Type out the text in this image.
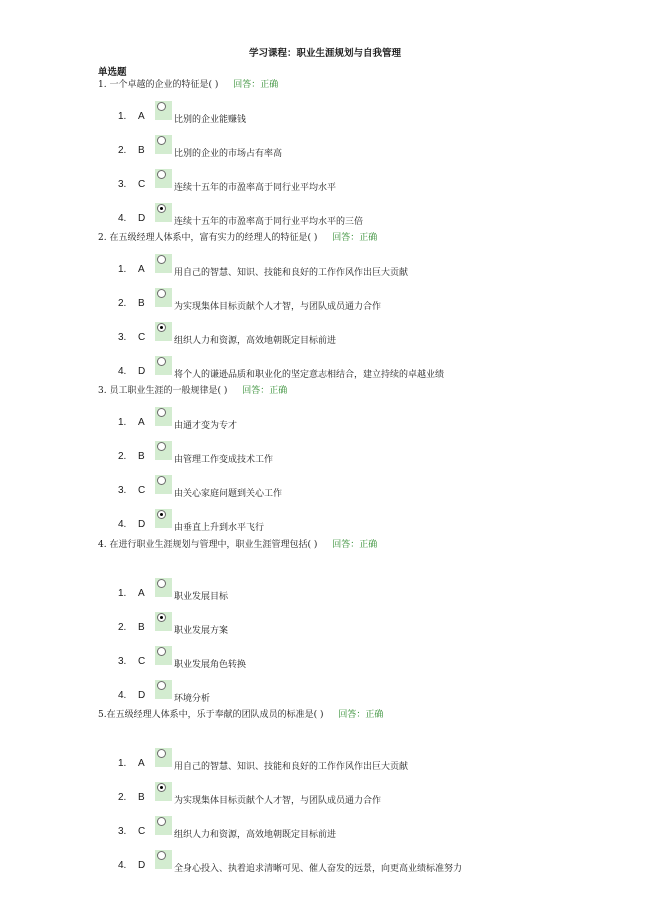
学习课程：职业生涯规划与自我管理
单选题
1. 一个卓越的企业的特征是( ) 回答：正确
1. A	比别的企业能赚钱
2. B	比别的企业的市场占有率高
3. C	连续十五年的市盈率高于同行业平均水平
4. D	连续十五年的市盈率高于同行业平均水平的三倍
2. 在五级经理人体系中，富有实力的经理人的特征是( ) 回答：正确
1. A	用自己的智慧、知识、技能和良好的工作作风作出巨大贡献
2. B	为实现集体目标贡献个人才智，与团队成员通力合作
3. C	组织人力和资源，高效地朝既定目标前进
4. D	将个人的谦逊品质和职业化的坚定意志相结合，建立持续的卓越业绩
3. 员工职业生涯的一般规律是( ) 回答：正确
1. A	由通才变为专才
2. B	由管理工作变成技术工作
3. C	由关心家庭问题到关心工作
4. D	由垂直上升到水平飞行
4. 在进行职业生涯规划与管理中，职业生涯管理包括( ) 回答：正确
1. A	职业发展目标
2. B	职业发展方案
3. C	职业发展角色转换
4. D	环境分析
5.在五级经理人体系中，乐于奉献的团队成员的标准是( ) 回答：正确
1. A	用自己的智慧、知识、技能和良好的工作作风作出巨大贡献
2. B	为实现集体目标贡献个人才智，与团队成员通力合作
3. C	组织人力和资源，高效地朝既定目标前进
4. D	全身心投入、执着追求清晰可见、催人奋发的远景，向更高业绩标准努力
